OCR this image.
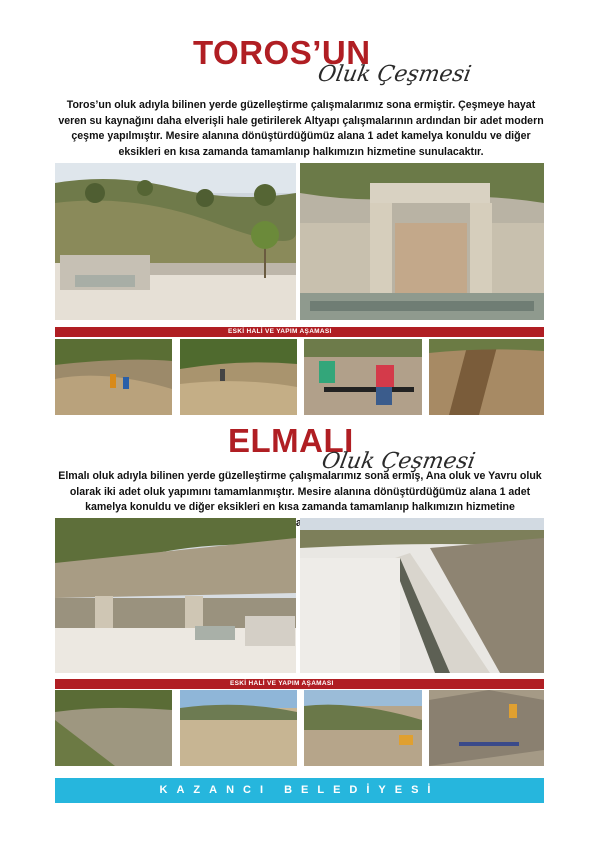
TOROS’UN
Oluk Çeşmesi
Toros’un oluk adıyla bilinen yerde güzelleştirme çalışmalarımız sona ermiştir. Çeşmeye hayat veren su kaynağını daha elverişli hale getirilerek Altyapı çalışmalarının ardından bir adet modern çeşme yapılmıştır. Mesire alanına dönüştürdüğümüz alana 1 adet kamelya konuldu ve diğer eksikleri en kısa zamanda tamamlanıp halkımızın hizmetine sunulacaktır.
ESKİ HALİ VE YAPIM AŞAMASI
ELMALI
Oluk Çeşmesi
Elmalı oluk adıyla bilinen yerde güzelleştirme çalışmalarımız sona ermiş, Ana oluk ve Yavru oluk olarak iki adet oluk yapımını tamamlanmıştır. Mesire alanına dönüştürdüğümüz alana 1 adet kamelya konuldu ve diğer eksikleri en kısa zamanda tamamlanıp halkımızın hizmetine
ESKİ HALİ VE YAPIM AŞAMASI
KAZANCI BELEDİYESİ
